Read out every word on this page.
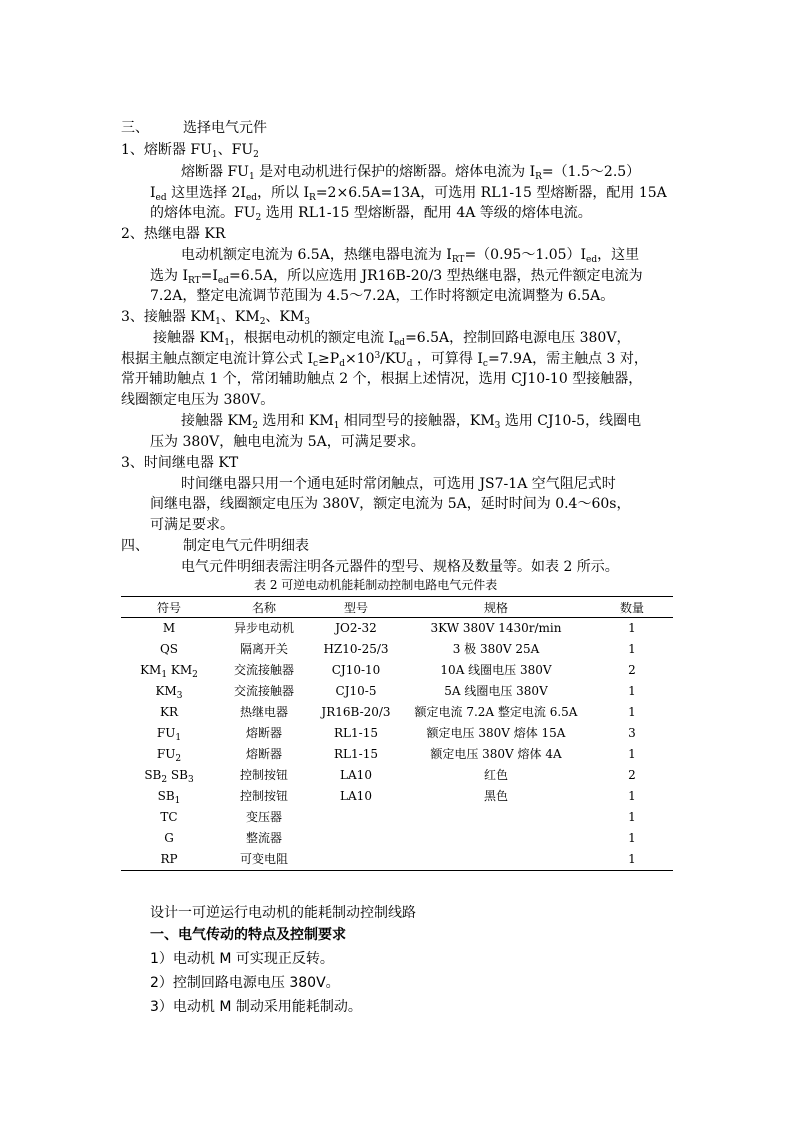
三、 选择电气元件
1、熔断器 $FU_1$、$FU_2$
熔断器 $FU_1$ 是对电动机进行保护的熔断器。熔体电流为 $I_R=(1.5\sim 2.5)$
$I_{ed}$ 这里选择 $2I_{ed}$，所以 $I_R=2\times 6.5A=13A$，可选用 RL1-15 型熔断器，配用 15A
的熔体电流。$FU_2$ 选用 RL1-15 型熔断器，配用 4A 等级的熔体电流。
2、热继电器 KR
电动机额定电流为 6.5A，热继电器电流为 $I_{RT}=(0.95\sim 1.05)I_{ed}$，这里
选为 $I_{RT}=I_{ed}=6.5A$，所以应选用 JR16B-20/3 型热继电器，热元件额定电流为
7.2A，整定电流调节范围为 4.5～7.2A，工作时将额定电流调整为 6.5A。
3、接触器 $KM_1$、$KM_2$、$KM_3$
接触器 $KM_1$，根据电动机的额定电流 $I_{ed}=6.5A$，控制回路电源电压 380V，
根据主触点额定电流计算公式 $I_c\ge P_d\times 10^3/KU_d$ ，可算得 $I_c=7.9A$，需主触点 3 对，
常开辅助触点 1 个，常闭辅助触点 2 个，根据上述情况，选用 CJ10-10 型接触器，
线圈额定电压为 380V。
接触器 $KM_2$ 选用和 $KM_1$ 相同型号的接触器，$KM_3$ 选用 CJ10-5，线圈电
压为 380V，触电电流为 5A，可满足要求。
3、时间继电器 KT
时间继电器只用一个通电延时常闭触点，可选用 JS7-1A 空气阻尼式时
间继电器，线圈额定电压为 380V，额定电流为 5A，延时时间为 0.4～60s，
可满足要求。
四、 制定电气元件明细表
电气元件明细表需注明各元器件的型号、规格及数量等。如表 2 所示。
表 2 可逆电动机能耗制动控制电路电气元件表
符号	名称	型号	规格	数量
M	异步电动机	JO2-32	3KW 380V 1430r/min	1
QS	隔离开关	HZ10-25/3	3 极 380V 25A	1
$KM_1$ $KM_2$	交流接触器	CJ10-10	10A 线圈电压 380V	2
$KM_3$	交流接触器	CJ10-5	5A 线圈电压 380V	1
KR	热继电器	JR16B-20/3	额定电流 7.2A 整定电流 6.5A	1
$FU_1$	熔断器	RL1-15	额定电压 380V 熔体 15A	3
$FU_2$	熔断器	RL1-15	额定电压 380V 熔体 4A	1
$SB_2$ $SB_3$	控制按钮	LA10	红色	2
$SB_1$	控制按钮	LA10	黑色	1
TC	变压器			1
G	整流器			1
RP	可变电阻			1
设计一可逆运行电动机的能耗制动控制线路
一、电气传动的特点及控制要求
1）电动机 M 可实现正反转。
2）控制回路电源电压 380V。
3）电动机 M 制动采用能耗制动。
